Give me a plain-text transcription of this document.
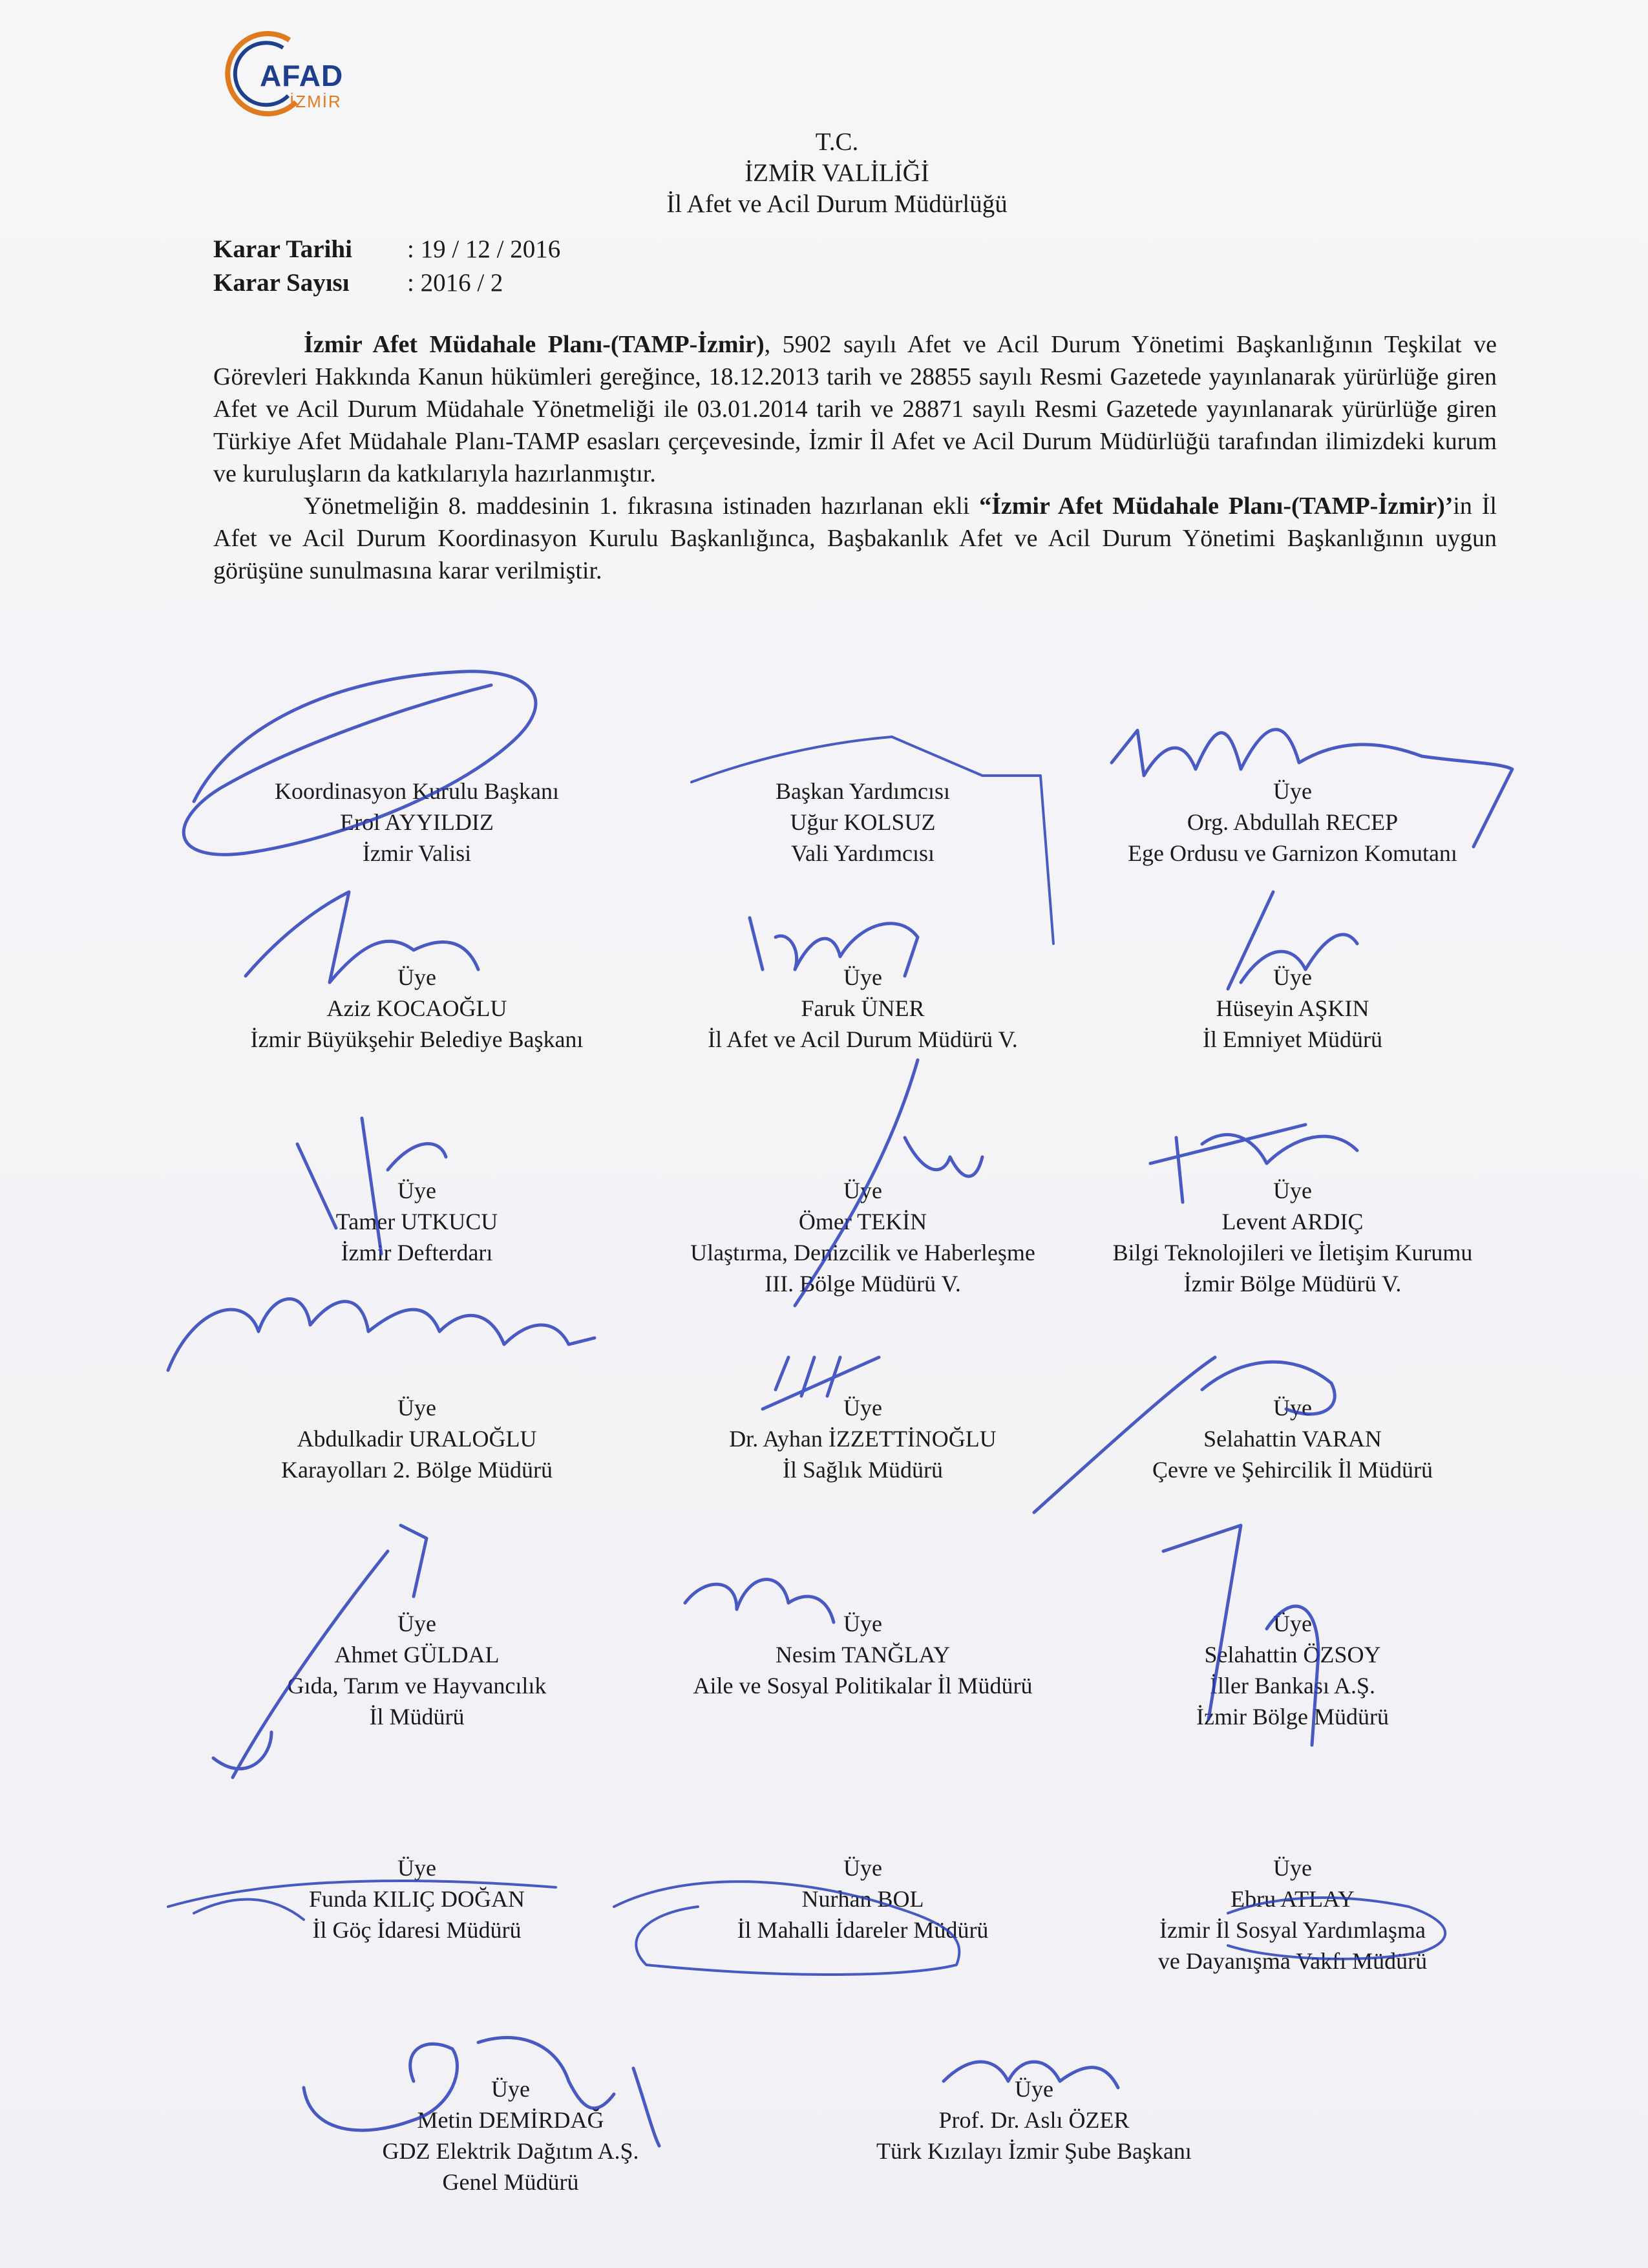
AFAD
İZMİR
T.C.
İZMİR VALİLİĞİ
İl Afet ve Acil Durum Müdürlüğü
Karar Tarihi : 19 / 12 / 2016
Karar Sayısı : 2016 / 2

İzmir Afet Müdahale Planı-(TAMP-İzmir), 5902 sayılı Afet ve Acil Durum Yönetimi Başkanlığının Teşkilat ve Görevleri Hakkında Kanun hükümleri gereğince, 18.12.2013 tarih ve 28855 sayılı Resmi Gazetede yayınlanarak yürürlüğe giren Afet ve Acil Durum Müdahale Yönetmeliği ile 03.01.2014 tarih ve 28871 sayılı Resmi Gazetede yayınlanarak yürürlüğe giren Türkiye Afet Müdahale Planı-TAMP esasları çerçevesinde, İzmir İl Afet ve Acil Durum Müdürlüğü tarafından ilimizdeki kurum ve kuruluşların da katkılarıyla hazırlanmıştır.

Yönetmeliğin 8. maddesinin 1. fıkrasına istinaden hazırlanan ekli “İzmir Afet Müdahale Planı-(TAMP-İzmir)’in İl Afet ve Acil Durum Koordinasyon Kurulu Başkanlığınca, Başbakanlık Afet ve Acil Durum Yönetimi Başkanlığının uygun görüşüne sunulmasına karar verilmiştir.

Koordinasyon Kurulu Başkanı
Erol AYYILDIZ
İzmir Valisi
Başkan Yardımcısı
Uğur KOLSUZ
Vali Yardımcısı
Üye
Org. Abdullah RECEP
Ege Ordusu ve Garnizon Komutanı
Üye
Aziz KOCAOĞLU
İzmir Büyükşehir Belediye Başkanı
Üye
Faruk ÜNER
İl Afet ve Acil Durum Müdürü V.
Üye
Hüseyin AŞKIN
İl Emniyet Müdürü
Üye
Tamer UTKUCU
İzmir Defterdarı
Üye
Ömer TEKİN
Ulaştırma, Denizcilik ve Haberleşme
III. Bölge Müdürü V.
Üye
Levent ARDIÇ
Bilgi Teknolojileri ve İletişim Kurumu
İzmir Bölge Müdürü V.
Üye
Abdulkadir URALOĞLU
Karayolları 2. Bölge Müdürü
Üye
Dr. Ayhan İZZETTİNOĞLU
İl Sağlık Müdürü
Üye
Selahattin VARAN
Çevre ve Şehircilik İl Müdürü
Üye
Ahmet GÜLDAL
Gıda, Tarım ve Hayvancılık
İl Müdürü
Üye
Nesim TANĞLAY
Aile ve Sosyal Politikalar İl Müdürü
Üye
Selahattin ÖZSOY
İller Bankası A.Ş.
İzmir Bölge Müdürü
Üye
Funda KILIÇ DOĞAN
İl Göç İdaresi Müdürü
Üye
Nurhan BOL
İl Mahalli İdareler Müdürü
Üye
Ebru ATLAY
İzmir İl Sosyal Yardımlaşma
ve Dayanışma Vakfı Müdürü
Üye
Metin DEMİRDAĞ
GDZ Elektrik Dağıtım A.Ş.
Genel Müdürü
Üye
Prof. Dr. Aslı ÖZER
Türk Kızılayı İzmir Şube Başkanı
